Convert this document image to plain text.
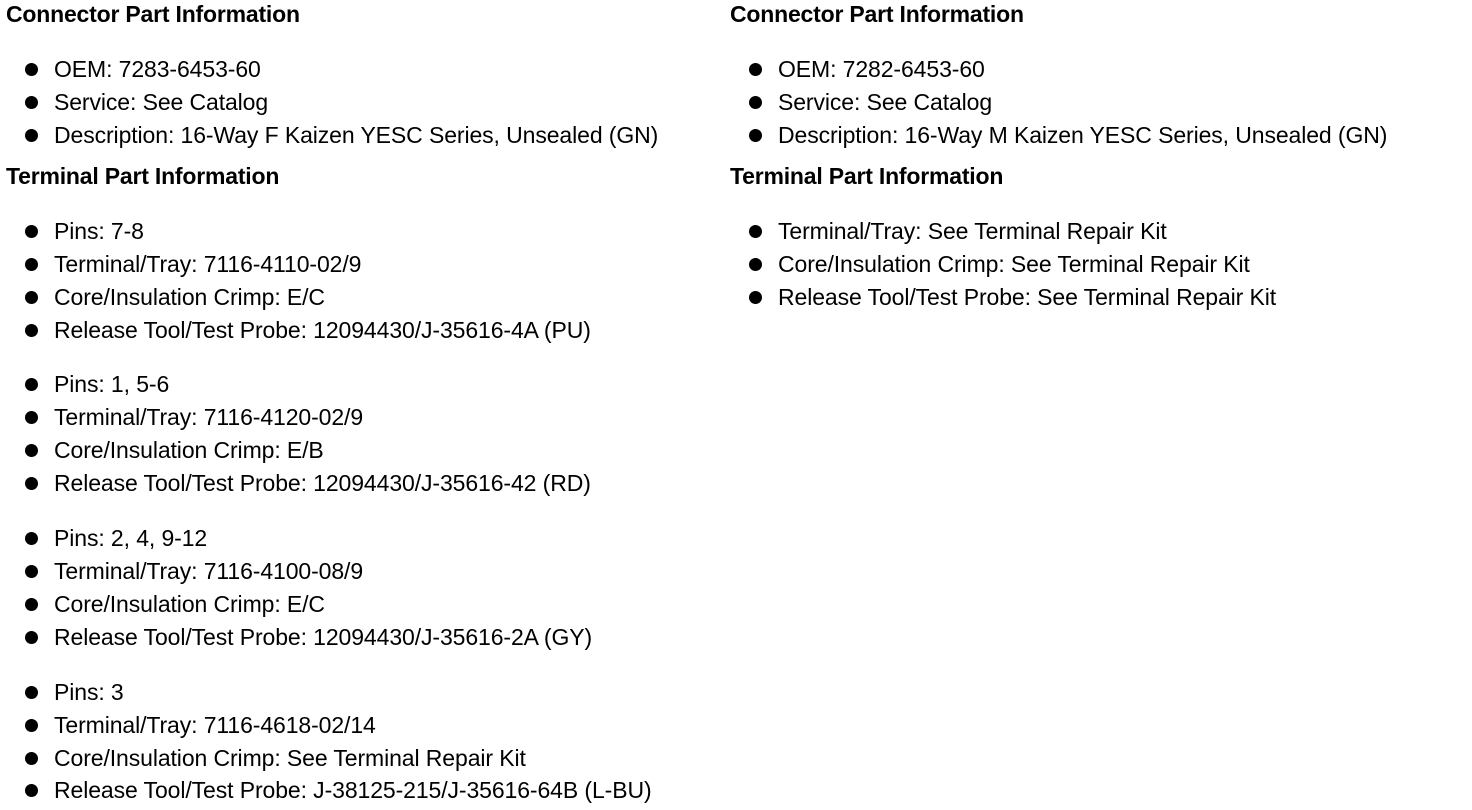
Connector Part Information
OEM: 7283-6453-60
Service: See Catalog
Description: 16-Way F Kaizen YESC Series, Unsealed (GN)
Terminal Part Information
Pins: 7-8
Terminal/Tray: 7116-4110-02/9
Core/Insulation Crimp: E/C
Release Tool/Test Probe: 12094430/J-35616-4A (PU)
Pins: 1, 5-6
Terminal/Tray: 7116-4120-02/9
Core/Insulation Crimp: E/B
Release Tool/Test Probe: 12094430/J-35616-42 (RD)
Pins: 2, 4, 9-12
Terminal/Tray: 7116-4100-08/9
Core/Insulation Crimp: E/C
Release Tool/Test Probe: 12094430/J-35616-2A (GY)
Pins: 3
Terminal/Tray: 7116-4618-02/14
Core/Insulation Crimp: See Terminal Repair Kit
Release Tool/Test Probe: J-38125-215/J-35616-64B (L-BU)
Connector Part Information
OEM: 7282-6453-60
Service: See Catalog
Description: 16-Way M Kaizen YESC Series, Unsealed (GN)
Terminal Part Information
Terminal/Tray: See Terminal Repair Kit
Core/Insulation Crimp: See Terminal Repair Kit
Release Tool/Test Probe: See Terminal Repair Kit
